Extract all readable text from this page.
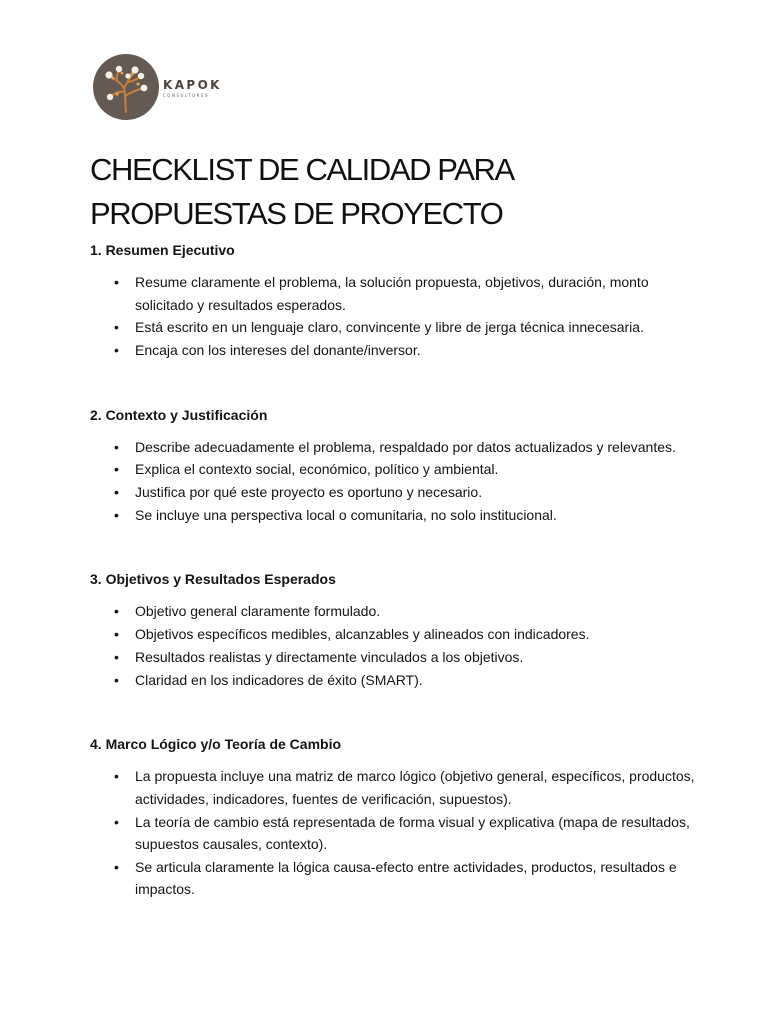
KAPOK
CONSULTORES
CHECKLIST DE CALIDAD PARA PROPUESTAS DE PROYECTO
1. Resumen Ejecutivo
• Resume claramente el problema, la solución propuesta, objetivos, duración, monto solicitado y resultados esperados.
• Está escrito en un lenguaje claro, convincente y libre de jerga técnica innecesaria.
• Encaja con los intereses del donante/inversor.
2. Contexto y Justificación
• Describe adecuadamente el problema, respaldado por datos actualizados y relevantes.
• Explica el contexto social, económico, político y ambiental.
• Justifica por qué este proyecto es oportuno y necesario.
• Se incluye una perspectiva local o comunitaria, no solo institucional.
3. Objetivos y Resultados Esperados
• Objetivo general claramente formulado.
• Objetivos específicos medibles, alcanzables y alineados con indicadores.
• Resultados realistas y directamente vinculados a los objetivos.
• Claridad en los indicadores de éxito (SMART).
4. Marco Lógico y/o Teoría de Cambio
• La propuesta incluye una matriz de marco lógico (objetivo general, específicos, productos, actividades, indicadores, fuentes de verificación, supuestos).
• La teoría de cambio está representada de forma visual y explicativa (mapa de resultados, supuestos causales, contexto).
• Se articula claramente la lógica causa-efecto entre actividades, productos, resultados e impactos.
